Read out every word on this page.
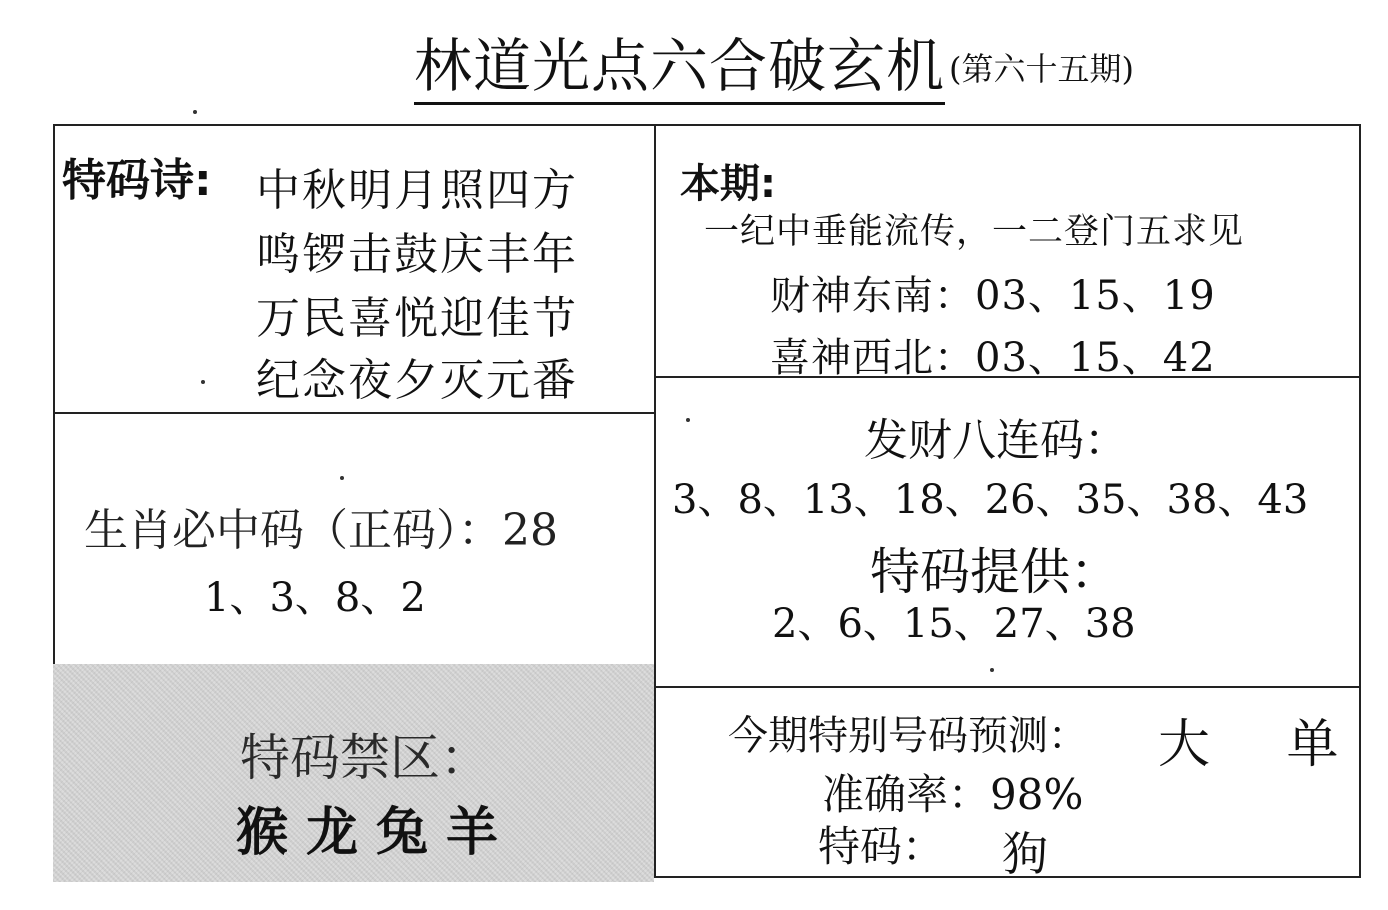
林道光点六合破玄机 (第六十五期)
特码诗: 中秋明月照四方
鸣锣击鼓庆丰年
万民喜悦迎佳节
纪念夜夕灭元番
本期:
一纪中垂能流传，一二登门五求见
财神东南：03、15、19
喜神西北：03、15、42
生肖必中码（正码）：28
1、3、8、2
发财八连码：
3、8、13、18、26、35、38、43
特码提供：
2、6、15、27、38
特码禁区：
猴龙兔羊
今期特别号码预测： 大 单
准确率：98%
特码： 狗
